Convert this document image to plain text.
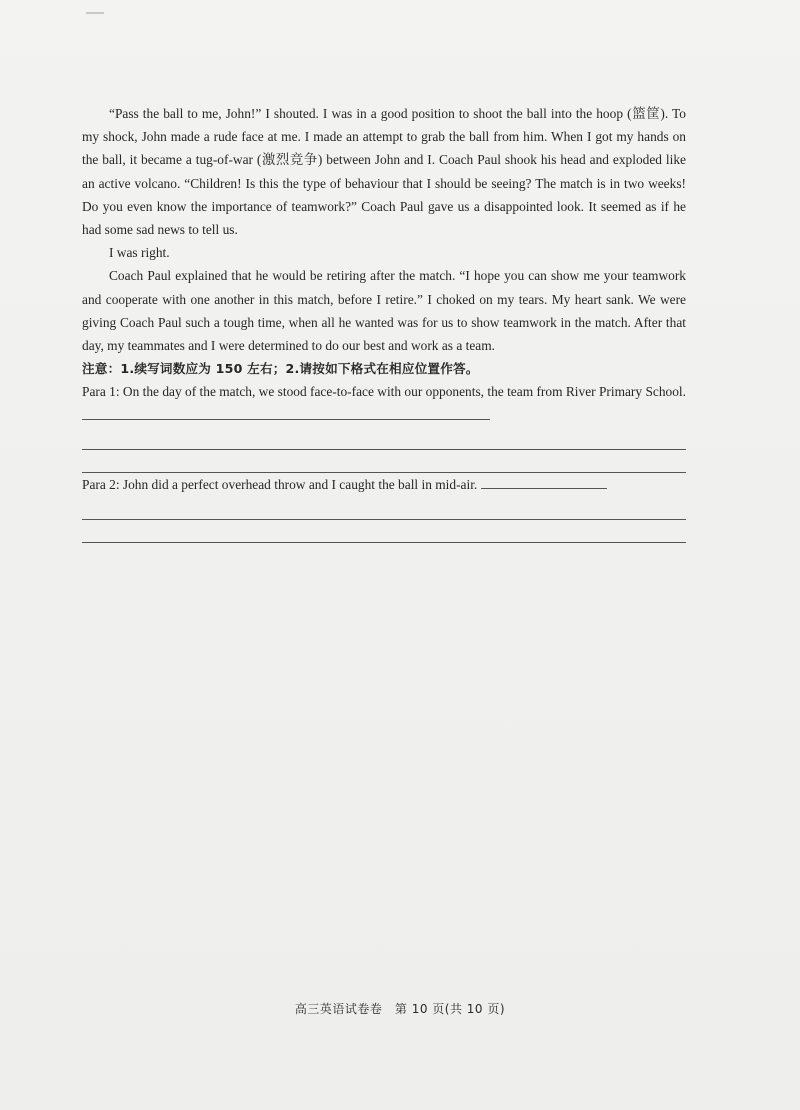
“Pass the ball to me, John!” I shouted. I was in a good position to shoot the ball into the hoop (篮筐). To my shock, John made a rude face at me. I made an attempt to grab the ball from him. When I got my hands on the ball, it became a tug-of-war (激烈竞争) between John and I. Coach Paul shook his head and exploded like an active volcano. “Children! Is this the type of behaviour that I should be seeing? The match is in two weeks! Do you even know the importance of teamwork?” Coach Paul gave us a disappointed look. It seemed as if he had some sad news to tell us.

I was right.

Coach Paul explained that he would be retiring after the match. “I hope you can show me your teamwork and cooperate with one another in this match, before I retire.” I choked on my tears. My heart sank. We were giving Coach Paul such a tough time, when all he wanted was for us to show teamwork in the match. After that day, my teammates and I were determined to do our best and work as a team.

注意：1.续写词数应为 150 左右；2.请按如下格式在相应位置作答。

Para 1: On the day of the match, we stood face-to-face with our opponents, the team from River Primary School.

Para 2: John did a perfect overhead throw and I caught the ball in mid-air.

高三英语试卷卷　第 10 页(共 10 页)
